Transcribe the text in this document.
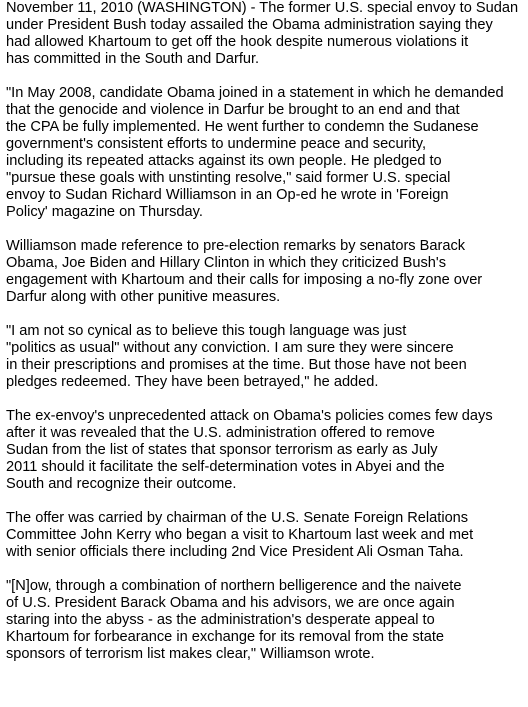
November 11, 2010 (WASHINGTON) - The former U.S. special envoy to Sudan
under President Bush today assailed the Obama administration saying they
had allowed Khartoum to get off the hook despite numerous violations it
has committed in the South and Darfur.
"In May 2008, candidate Obama joined in a statement in which he demanded
that the genocide and violence in Darfur be brought to an end and that
the CPA be fully implemented. He went further to condemn the Sudanese
government's consistent efforts to undermine peace and security,
including its repeated attacks against its own people. He pledged to
"pursue these goals with unstinting resolve," said former U.S. special
envoy to Sudan Richard Williamson in an Op-ed he wrote in 'Foreign
Policy' magazine on Thursday.
Williamson made reference to pre-election remarks by senators Barack
Obama, Joe Biden and Hillary Clinton in which they criticized Bush's
engagement with Khartoum and their calls for imposing a no-fly zone over
Darfur along with other punitive measures.
"I am not so cynical as to believe this tough language was just
"politics as usual" without any conviction. I am sure they were sincere
in their prescriptions and promises at the time. But those have not been
pledges redeemed. They have been betrayed," he added.
The ex-envoy's unprecedented attack on Obama's policies comes few days
after it was revealed that the U.S. administration offered to remove
Sudan from the list of states that sponsor terrorism as early as July
2011 should it facilitate the self-determination votes in Abyei and the
South and recognize their outcome.
The offer was carried by chairman of the U.S. Senate Foreign Relations
Committee John Kerry who began a visit to Khartoum last week and met
with senior officials there including 2nd Vice President Ali Osman Taha.
"[N]ow, through a combination of northern belligerence and the naivete
of U.S. President Barack Obama and his advisors, we are once again
staring into the abyss - as the administration's desperate appeal to
Khartoum for forbearance in exchange for its removal from the state
sponsors of terrorism list makes clear," Williamson wrote.
